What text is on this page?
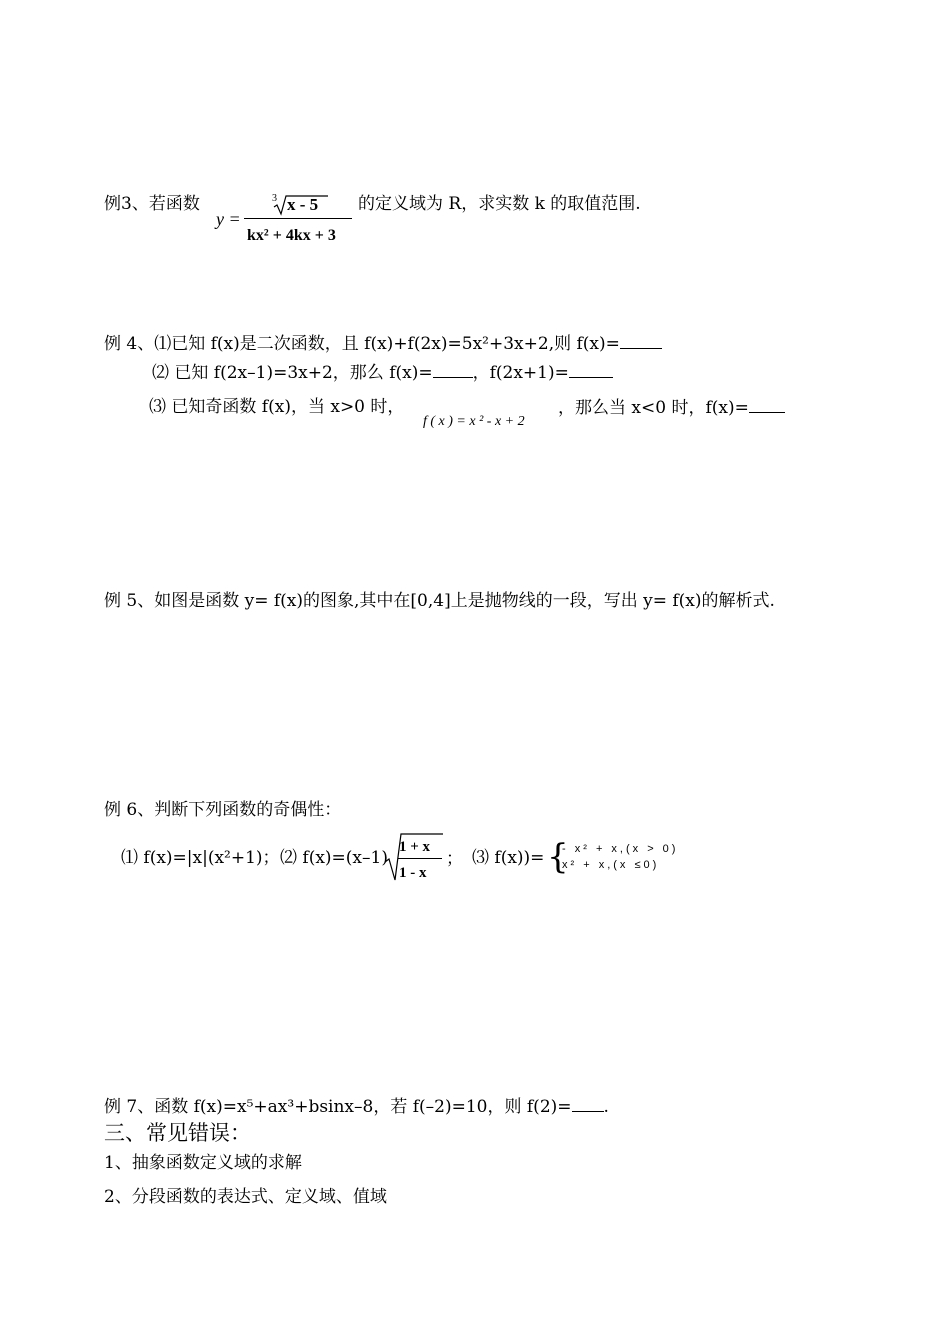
例3、若函数
y =
3 x - 5
kx² + 4kx + 3
的定义域为 R，求实数 k 的取值范围.
例 4、⑴已知 f(x)是二次函数，且 f(x)+f(2x)=5x²+3x+2,则 f(x)=
⑵ 已知 f(2x–1)=3x+2，那么 f(x)= ，f(2x+1)=
⑶ 已知奇函数 f(x)，当 x>0 时，
f ( x ) = x ² - x + 2
，那么当 x<0 时，f(x)=
例 5、如图是函数 y= f(x)的图象,其中在[0,4]上是抛物线的一段，写出 y= f(x)的解析式.
例 6、判断下列函数的奇偶性：
⑴ f(x)=|x|(x²+1)； ⑵ f(x)=(x–1)
1 + x
1 - x
； ⑶ f(x))= {
- x² + x,(x > 0)
x² + x,(x ≤0)
例 7、函数 f(x)=x⁵+ax³+bsinx–8，若 f(–2)=10，则 f(2)= .
三、常见错误：
1、抽象函数定义域的求解
2、分段函数的表达式、定义域、值域
